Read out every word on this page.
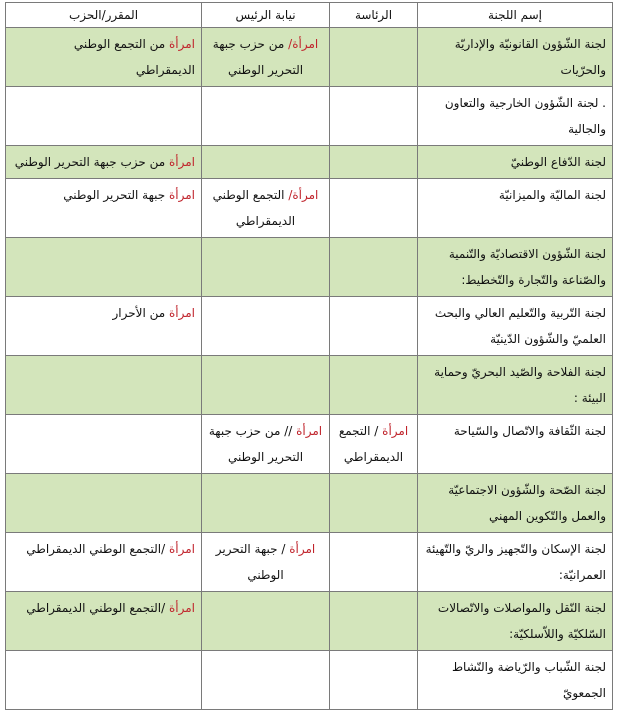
إسم اللجنة	الرئاسة	نيابة الرئيس	المقرر/الحزب
لجنة الشّؤون القانونيّة والإداريّة والحرّيات		امرأة/ من حزب جبهة التحرير الوطني	امرأة من التجمع الوطني الديمقراطي
. لجنة الشّؤون الخارجية والتعاون والجالية			
لجنة الدّفاع الوطنيّ			امرأة من حزب جبهة التحرير الوطني
لجنة الماليّة والميزانيّة		امرأة/ التجمع الوطني الديمقراطي	امرأة جبهة التحرير الوطني
لجنة الشّؤون الاقتصاديّة والتّنمية والصّناعة والتّجارة والتّخطيط:			
لجنة التّربية والتّعليم العالي والبحث العلميّ والشّؤون الدّينيّة			امرأة من الأحرار
لجنة الفلاحة والصّيد البحريّ وحماية البيئة :			
لجنة الثّقافة والاتّصال والسّياحة	امرأة / التجمع الديمقراطي	امرأة // من حزب جبهة التحرير الوطني	
لجنة الصّحة والشّؤون الاجتماعيّة والعمل والتّكوين المهني			
لجنة الإسكان والتّجهيز والريّ والتّهيئة العمرانيّة:		امرأة / جبهة التحرير الوطني	امرأة /التجمع الوطني الديمقراطي
لجنة النّقل والمواصلات والاتّصالات السّلكيّة واللاّسلكيّة:			امرأة /التجمع الوطني الديمقراطي
لجنة الشّباب والرّياضة والنّشاط الجمعويّ			
